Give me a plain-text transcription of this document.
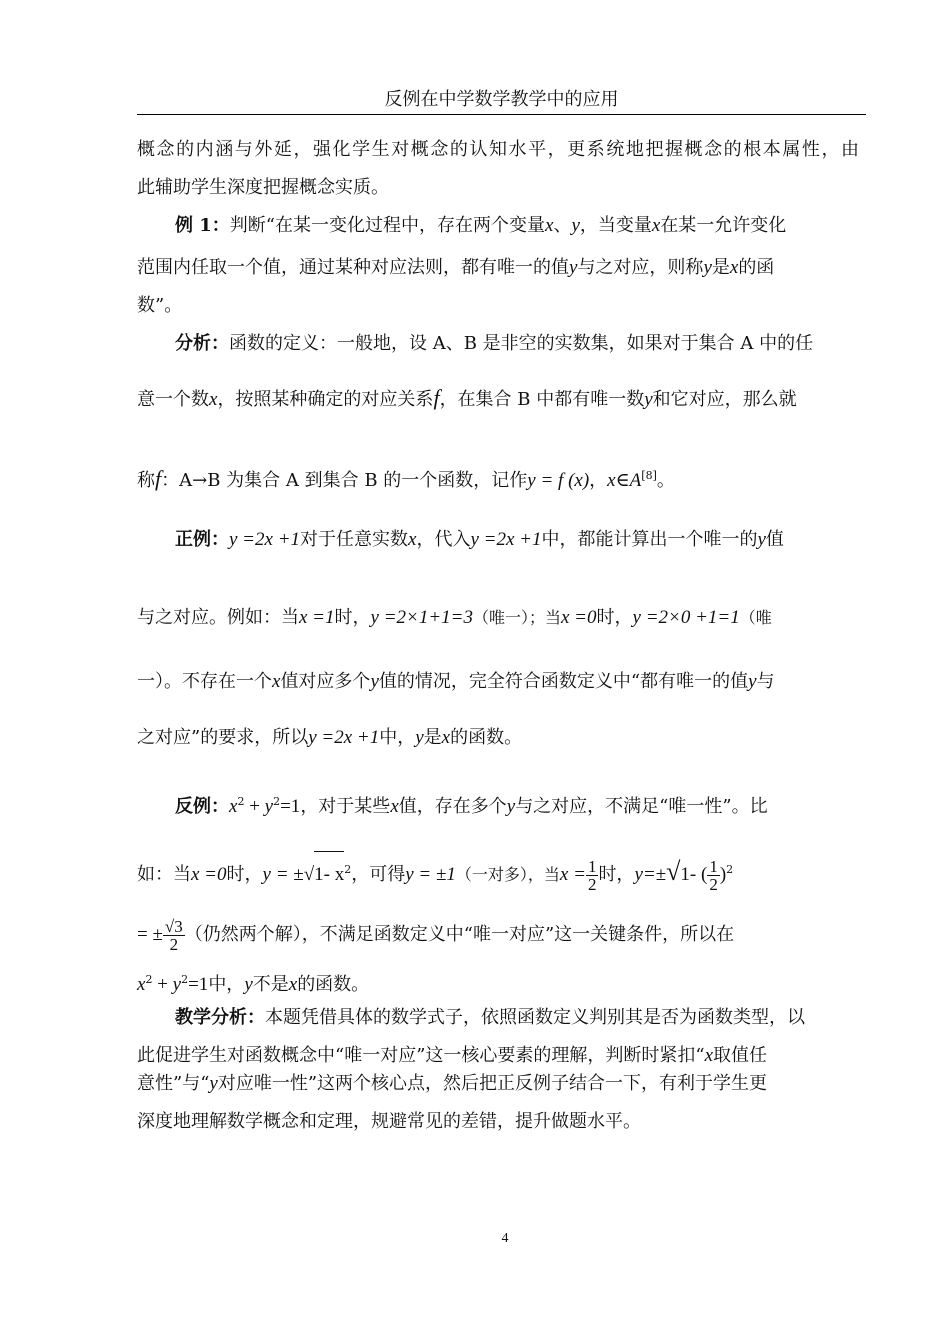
反例在中学数学教学中的应用
概念的内涵与外延，强化学生对概念的认知水平，更系统地把握概念的根本属性，由
此辅助学生深度把握概念实质。
例 1：判断“在某一变化过程中，存在两个变量x、y，当变量x在某一允许变化
范围内任取一个值，通过某种对应法则，都有唯一的值y与之对应，则称y是x的函
数”。
分析：函数的定义：一般地，设 A、B 是非空的实数集，如果对于集合 A 中的任
意一个数x，按照某种确定的对应关系f，在集合 B 中都有唯一数y和它对应，那么就
称f：A→B 为集合 A 到集合 B 的一个函数，记作y = f (x)，x∈A[8]。
正例：y =2x +1对于任意实数x，代入y =2x +1中，都能计算出一个唯一的y值
与之对应。例如：当x =1时，y =2×1+1=3（唯一）；当x =0时，y =2×0 +1=1（唯
一）。不存在一个x值对应多个y值的情况，完全符合函数定义中“都有唯一的值y与
之对应”的要求，所以y =2x +1中，y是x的函数。
反例：$x^2 + y^2=1$，对于某些x值，存在多个y与之对应，不满足“唯一性”。比
如：当x =0时，y = ±√1- $x^2$，可得y = ±1（一对多），当$x = \frac{1}{2}$ 时，y=±√1- ( $\frac{1}{2} )^2$
= ± $\frac{√3}{2}$ （仍然两个解），不满足函数定义中“唯一对应”这一关键条件，所以在
$x^2 + y^2=1$中，y不是x的函数。
教学分析：本题凭借具体的数学式子，依照函数定义判别其是否为函数类型，以
此促进学生对函数概念中“唯一对应”这一核心要素的理解，判断时紧扣“x取值任
意性”与“y对应唯一性”这两个核心点，然后把正反例子结合一下，有利于学生更
深度地理解数学概念和定理，规避常见的差错，提升做题水平。
4
